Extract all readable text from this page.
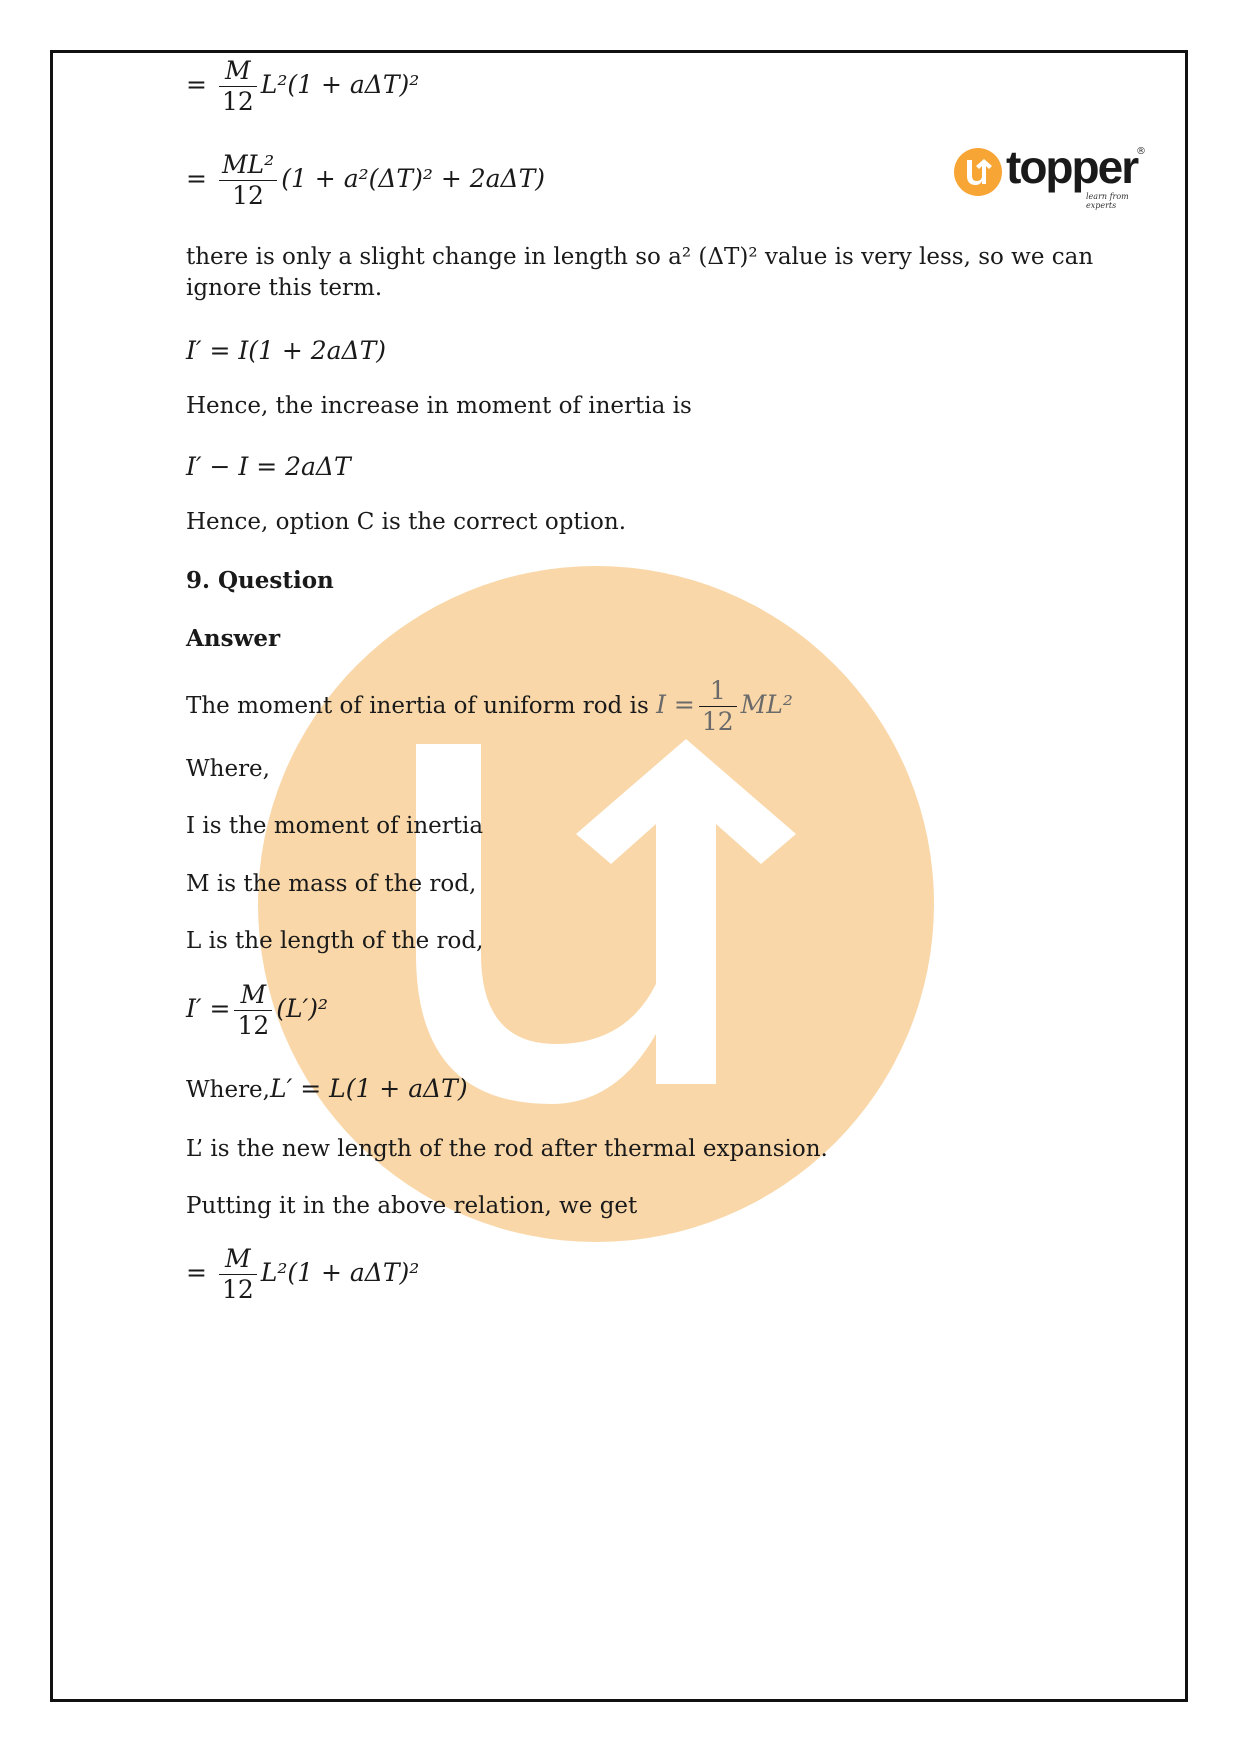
topper
®
learn from experts
= $\frac{M}{12} L^2(1 + a\Delta T)^2$
= $\frac{\text{ML²}}{12} (1 + a^2(\Delta T)^2 + 2a\Delta T)$
there is only a slight change in length so a² (ΔT)² value is very less, so we can
ignore this term.
I′ = I(1 + 2aΔT)
Hence, the increase in moment of inertia is
I′ − I = 2aΔT
Hence, option C is the correct option.
9. Question
Answer
The moment of inertia of uniform rod is $I = \frac{1}{12} ML^2$
Where,
I is the moment of inertia
M is the mass of the rod,
L is the length of the rod,
$I' = \frac{M}{12} (L')^2$
Where,L′ = L(1 + aΔT)
L’ is the new length of the rod after thermal expansion.
Putting it in the above relation, we get
= $\frac{M}{12} L^2(1 + a\Delta T)^2$
